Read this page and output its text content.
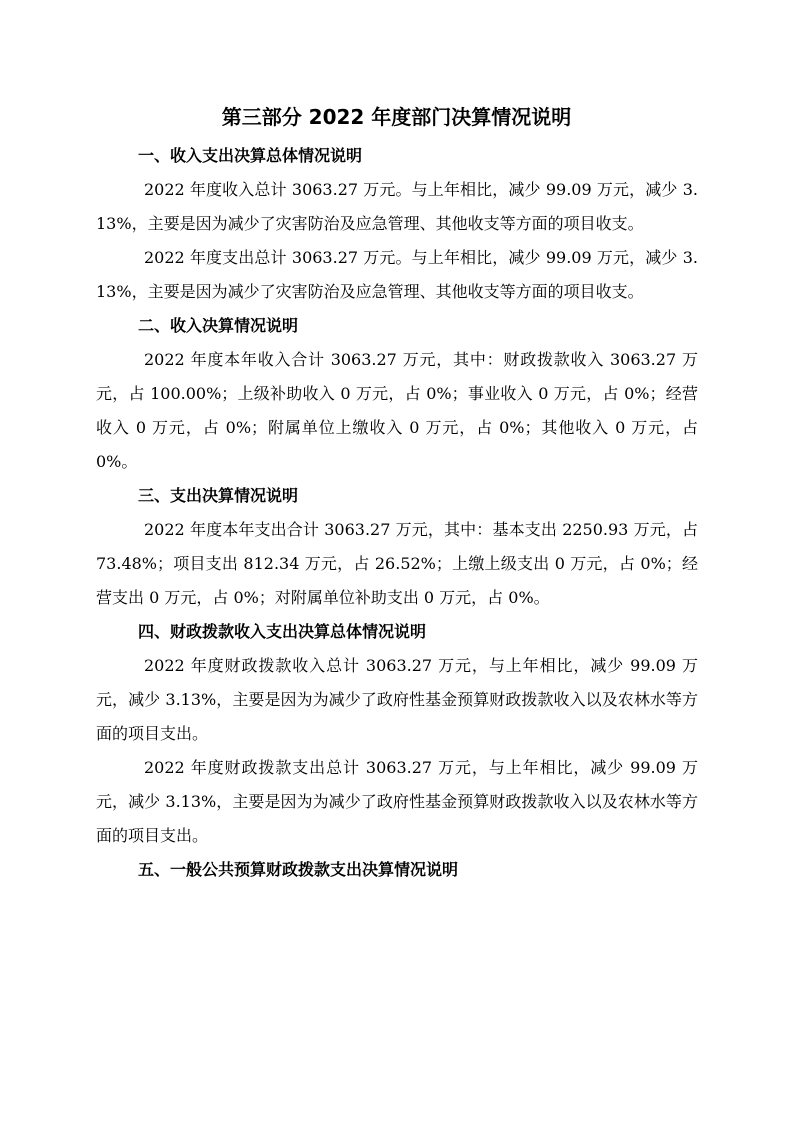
第三部分 2022 年度部门决算情况说明
一、收入支出决算总体情况说明

2022 年度收入总计 3063.27 万元。与上年相比，减少 99.09 万元，减少 3.13%，主要是因为减少了灾害防治及应急管理、其他收支等方面的项目收支。

2022 年度支出总计 3063.27 万元。与上年相比，减少 99.09 万元，减少 3.13%，主要是因为减少了灾害防治及应急管理、其他收支等方面的项目收支。

二、收入决算情况说明

2022 年度本年收入合计 3063.27 万元，其中：财政拨款收入 3063.27 万元，占 100.00%；上级补助收入 0 万元，占 0%；事业收入 0 万元，占 0%；经营收入 0 万元，占 0%；附属单位上缴收入 0 万元，占 0%；其他收入 0 万元，占 0%。

三、支出决算情况说明

2022 年度本年支出合计 3063.27 万元，其中：基本支出 2250.93 万元，占 73.48%；项目支出 812.34 万元，占 26.52%；上缴上级支出 0 万元，占 0%；经营支出 0 万元，占 0%；对附属单位补助支出 0 万元，占 0%。

四、财政拨款收入支出决算总体情况说明

2022 年度财政拨款收入总计 3063.27 万元，与上年相比，减少 99.09 万元，减少 3.13%，主要是因为为减少了政府性基金预算财政拨款收入以及农林水等方面的项目支出。

2022 年度财政拨款支出总计 3063.27 万元，与上年相比，减少 99.09 万元，减少 3.13%，主要是因为为减少了政府性基金预算财政拨款收入以及农林水等方面的项目支出。

五、一般公共预算财政拨款支出决算情况说明
